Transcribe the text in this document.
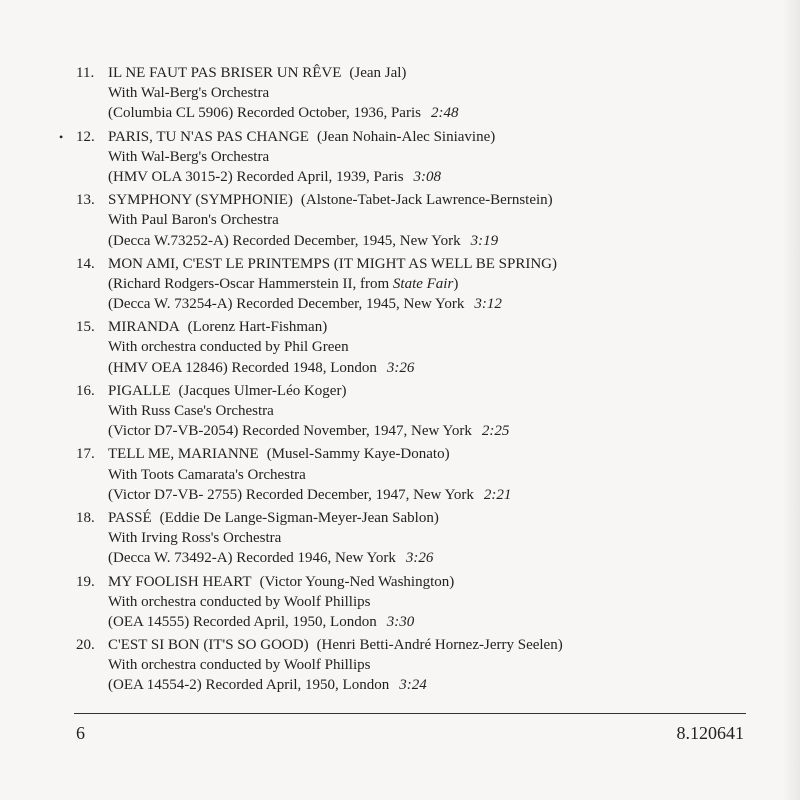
11. IL NE FAUT PAS BRISER UN RÊVE (Jean Jal)
With Wal-Berg's Orchestra
(Columbia CL 5906) Recorded October, 1936, Paris 2:48
• 12. PARIS, TU N'AS PAS CHANGE (Jean Nohain-Alec Siniavine)
With Wal-Berg's Orchestra
(HMV OLA 3015-2) Recorded April, 1939, Paris 3:08
13. SYMPHONY (SYMPHONIE) (Alstone-Tabet-Jack Lawrence-Bernstein)
With Paul Baron's Orchestra
(Decca W.73252-A) Recorded December, 1945, New York 3:19
14. MON AMI, C'EST LE PRINTEMPS (IT MIGHT AS WELL BE SPRING)
(Richard Rodgers-Oscar Hammerstein II, from State Fair)
(Decca W. 73254-A) Recorded December, 1945, New York 3:12
15. MIRANDA (Lorenz Hart-Fishman)
With orchestra conducted by Phil Green
(HMV OEA 12846) Recorded 1948, London 3:26
16. PIGALLE (Jacques Ulmer-Léo Koger)
With Russ Case's Orchestra
(Victor D7-VB-2054) Recorded November, 1947, New York 2:25
17. TELL ME, MARIANNE (Musel-Sammy Kaye-Donato)
With Toots Camarata's Orchestra
(Victor D7-VB- 2755) Recorded December, 1947, New York 2:21
18. PASSÉ (Eddie De Lange-Sigman-Meyer-Jean Sablon)
With Irving Ross's Orchestra
(Decca W. 73492-A) Recorded 1946, New York 3:26
19. MY FOOLISH HEART (Victor Young-Ned Washington)
With orchestra conducted by Woolf Phillips
(OEA 14555) Recorded April, 1950, London 3:30
20. C'EST SI BON (IT'S SO GOOD) (Henri Betti-André Hornez-Jerry Seelen)
With orchestra conducted by Woolf Phillips
(OEA 14554-2) Recorded April, 1950, London 3:24
6	8.120641
